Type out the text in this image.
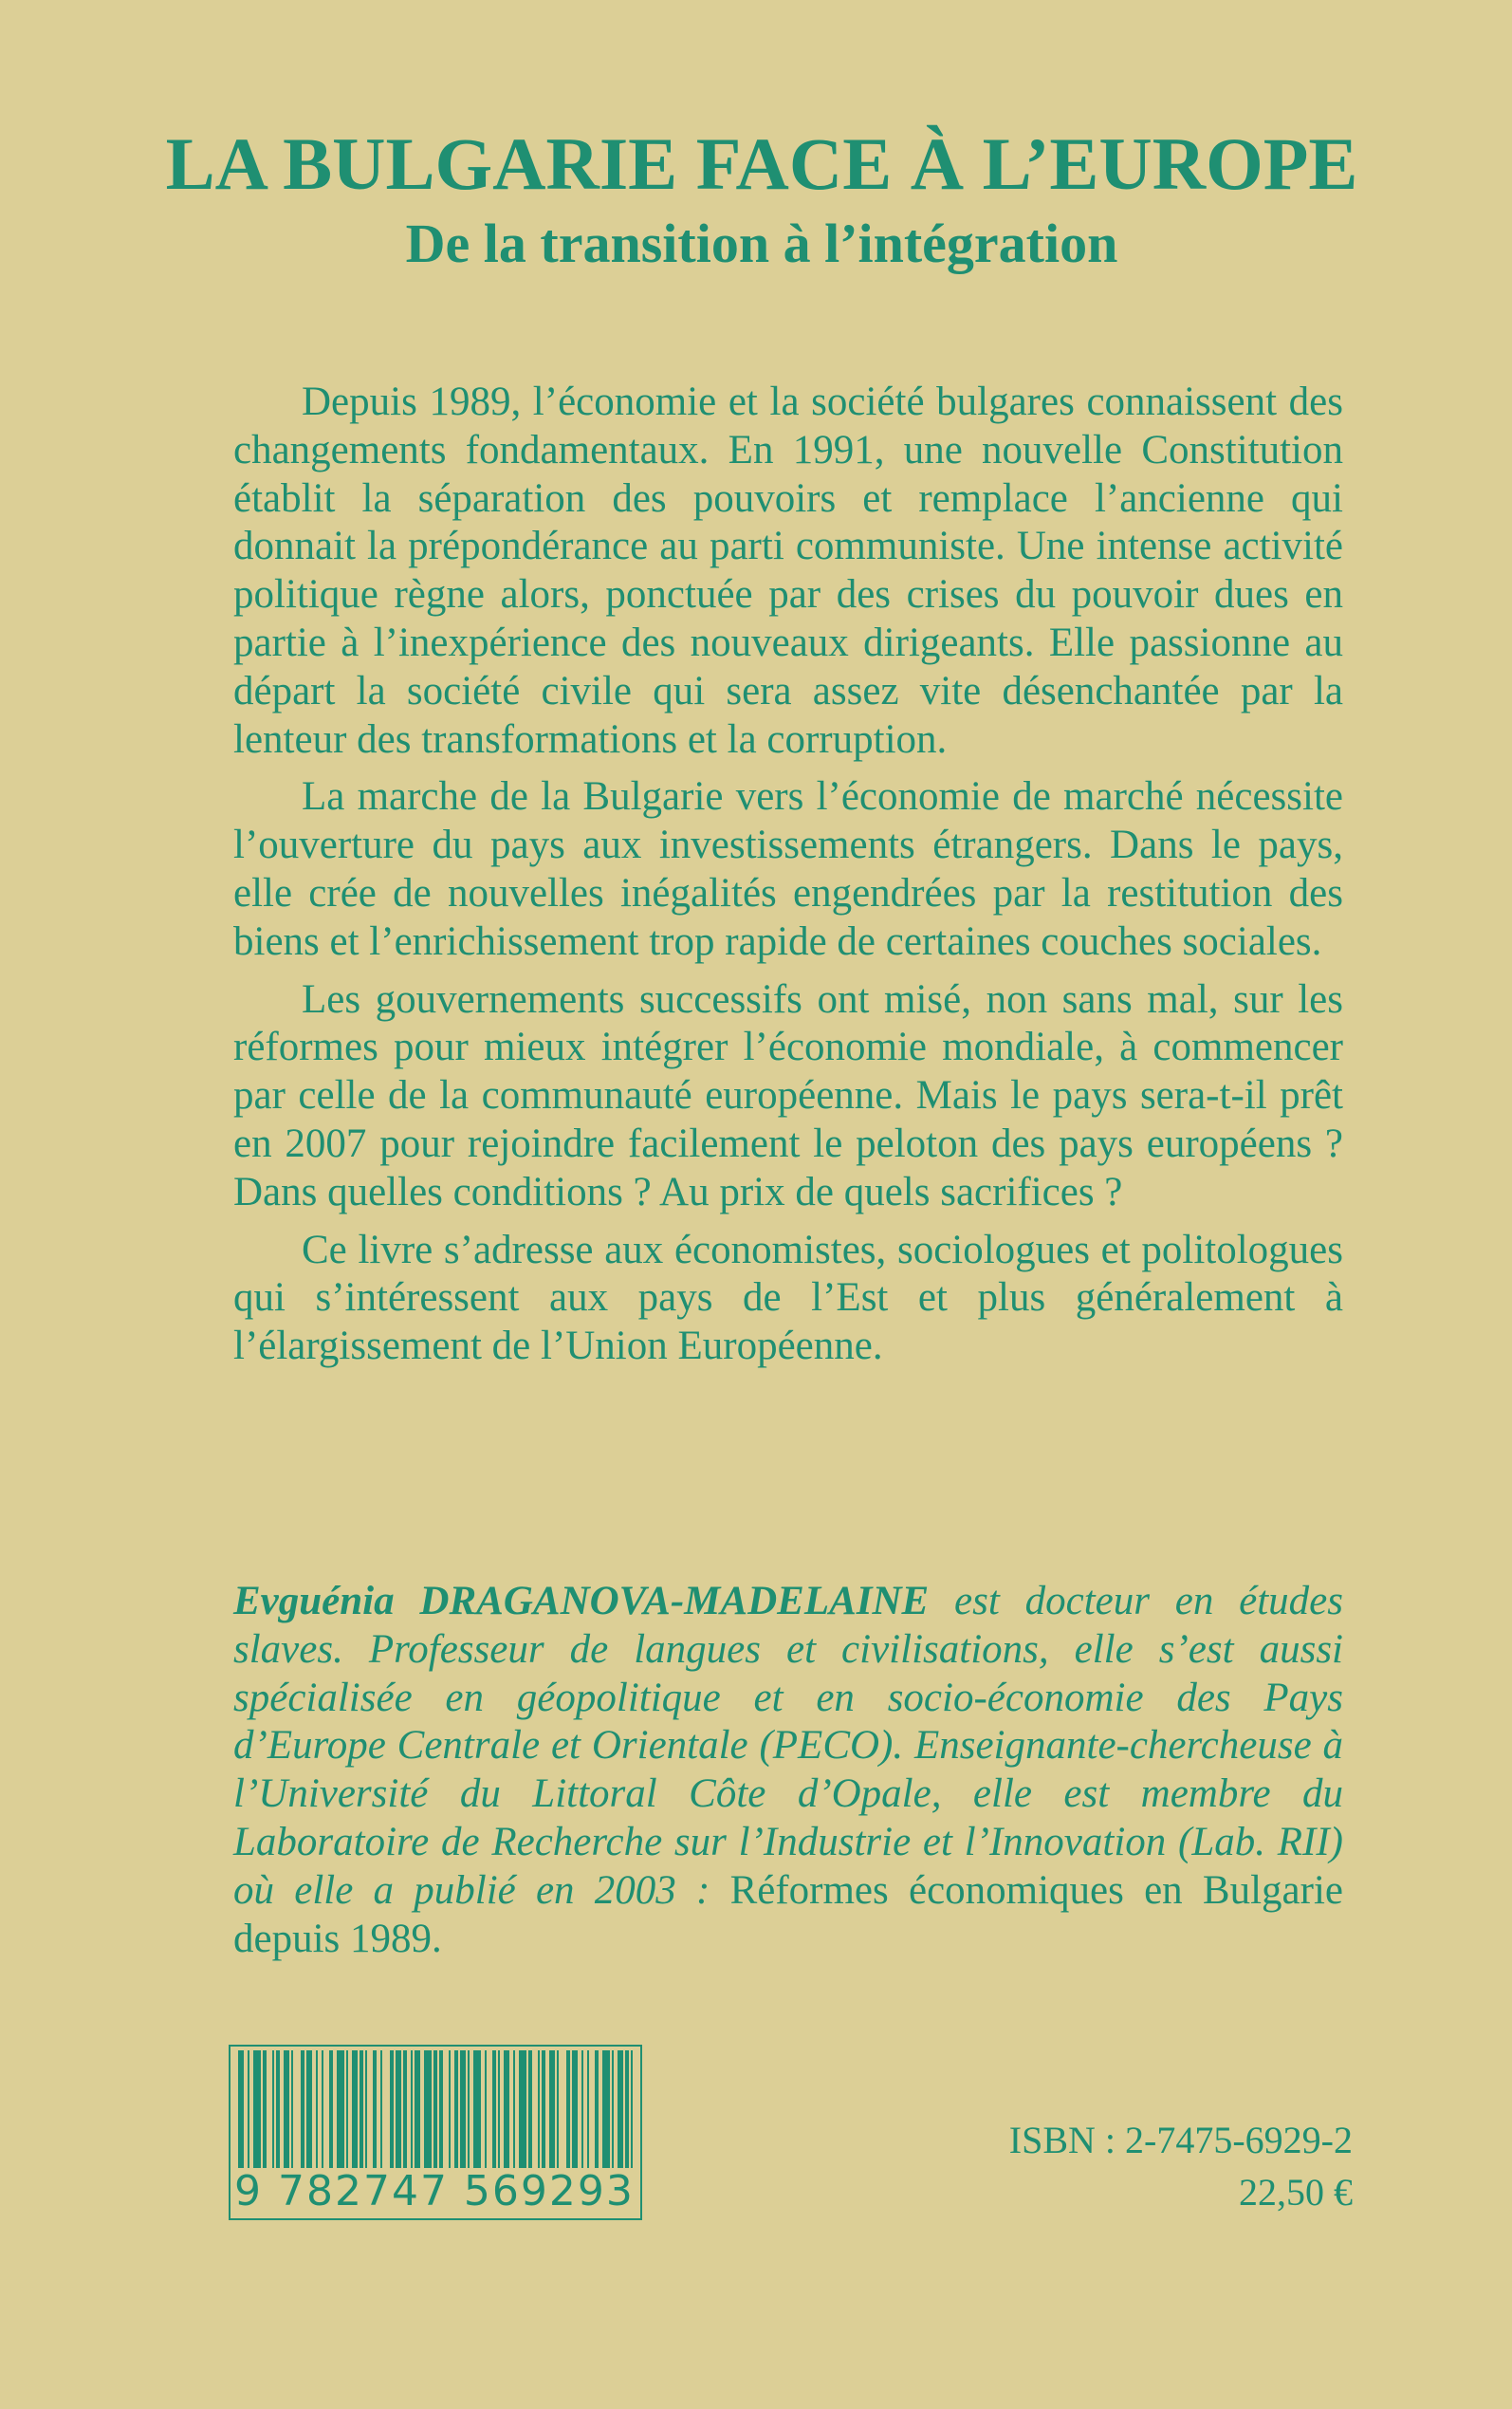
LA BULGARIE FACE À L’EUROPE
De la transition à l’intégration

Depuis 1989, l’économie et la société bulgares connaissent des changements fondamentaux. En 1991, une nouvelle Constitution établit la séparation des pouvoirs et remplace l’ancienne qui donnait la prépondérance au parti communiste. Une intense activité politique règne alors, ponctuée par des crises du pouvoir dues en partie à l’inexpérience des nouveaux dirigeants. Elle passionne au départ la société civile qui sera assez vite désenchantée par la lenteur des transformations et la corruption.

La marche de la Bulgarie vers l’économie de marché nécessite l’ouverture du pays aux investissements étrangers. Dans le pays, elle crée de nouvelles inégalités engendrées par la restitution des biens et l’enrichissement trop rapide de certaines couches sociales.

Les gouvernements successifs ont misé, non sans mal, sur les réformes pour mieux intégrer l’économie mondiale, à commencer par celle de la communauté européenne. Mais le pays sera-t-il prêt en 2007 pour rejoindre facilement le peloton des pays européens ? Dans quelles conditions ? Au prix de quels sacrifices ?

Ce livre s’adresse aux économistes, sociologues et politologues qui s’intéressent aux pays de l’Est et plus généralement à l’élargissement de l’Union Européenne.

Evguénia DRAGANOVA-MADELAINE est docteur en études slaves. Professeur de langues et civilisations, elle s’est aussi spécialisée en géopolitique et en socio-économie des Pays d’Europe Centrale et Orientale (PECO). Enseignante-chercheuse à l’Université du Littoral Côte d’Opale, elle est membre du Laboratoire de Recherche sur l’Industrie et l’Innovation (Lab. RII) où elle a publié en 2003 : Réformes économiques en Bulgarie depuis 1989.

9 782747 569293

ISBN : 2-7475-6929-2

22,50 €
